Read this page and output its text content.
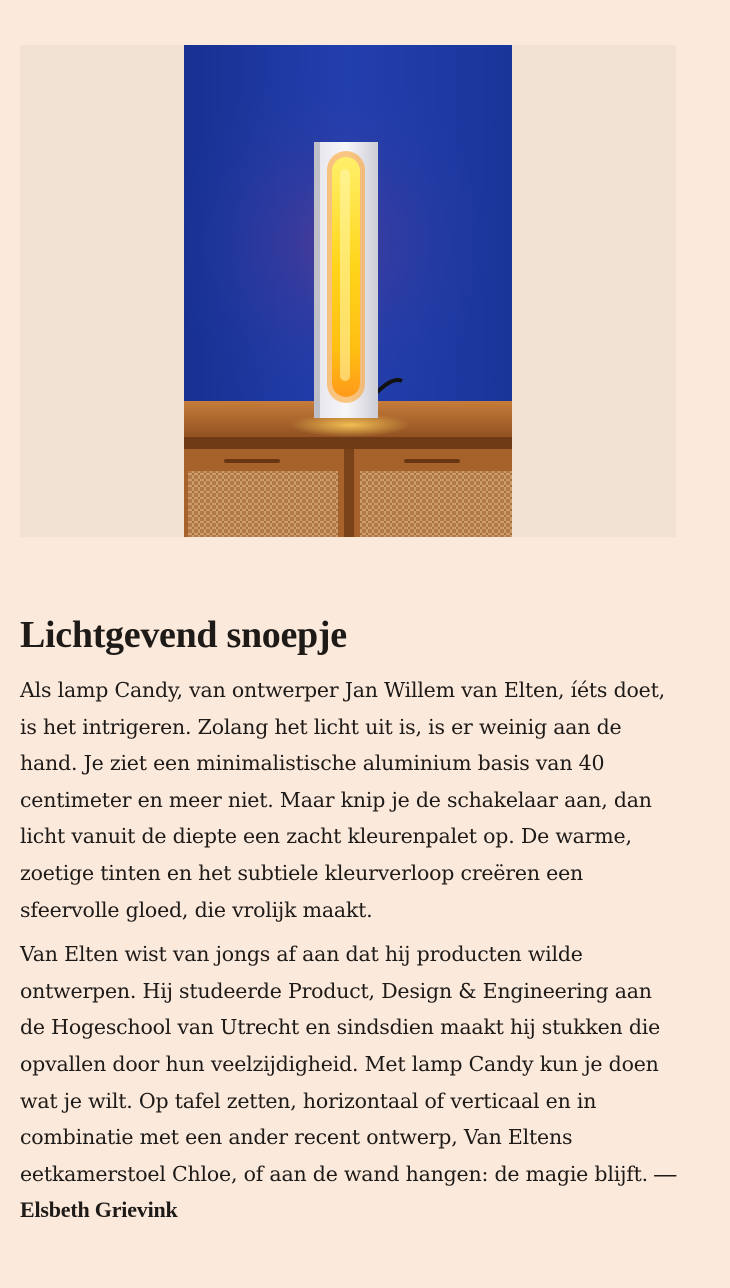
Lichtgevend snoepje

Als lamp Candy, van ontwerper Jan Willem van Elten, íéts doet, is het intrigeren. Zolang het licht uit is, is er weinig aan de hand. Je ziet een minimalistische aluminium basis van 40 centimeter en meer niet. Maar knip je de schakelaar aan, dan licht vanuit de diepte een zacht kleurenpalet op. De warme, zoetige tinten en het subtiele kleurverloop creëren een sfeervolle gloed, die vrolijk maakt.

Van Elten wist van jongs af aan dat hij producten wilde ontwerpen. Hij studeerde Product, Design & Engineering aan de Hogeschool van Utrecht en sindsdien maakt hij stukken die opvallen door hun veelzijdigheid. Met lamp Candy kun je doen wat je wilt. Op tafel zetten, horizontaal of verticaal en in combinatie met een ander recent ontwerp, Van Eltens eetkamerstoel Chloe, of aan de wand hangen: de magie blijft. — Elsbeth Grievink
